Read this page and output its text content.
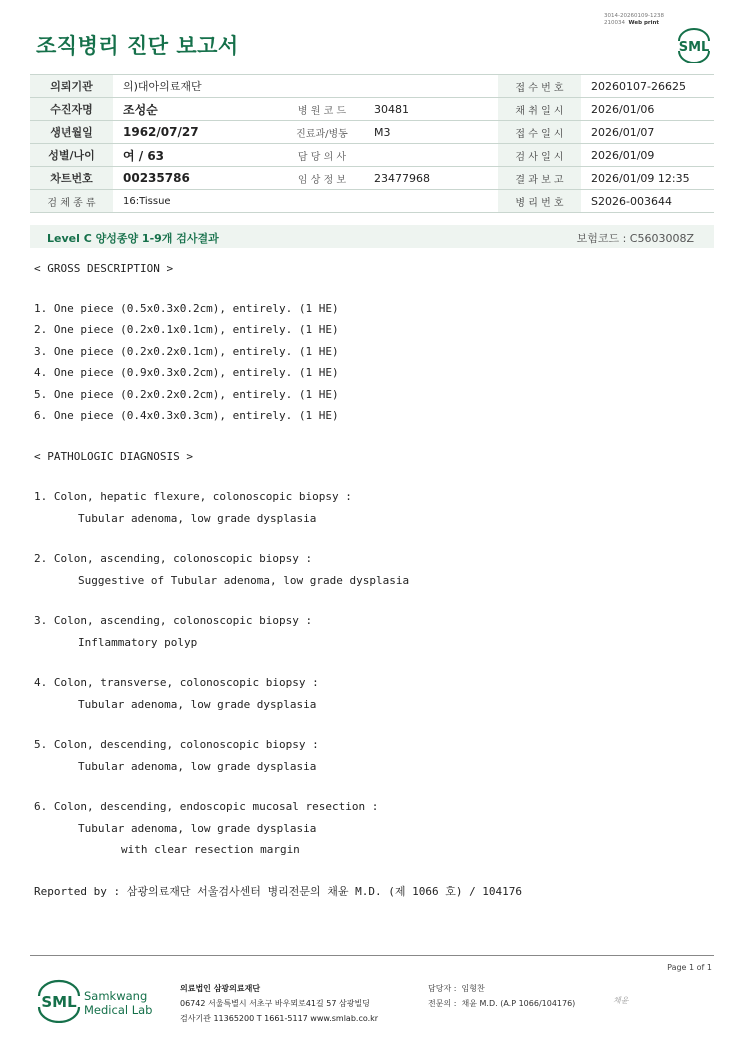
조직병리 진단 보고서
3014-20260109-1238
210034 Web print
SML
의뢰기관	의)대아의료재단			접 수 번 호	20260107-26625
수진자명	조성순	병 원 코 드	30481	채 취 일 시	2026/01/06
생년월일	1962/07/27	진료과/병동	M3	접 수 일 시	2026/01/07
성별/나이	여 / 63	담 당 의 사		검 사 일 시	2026/01/09
차트번호	00235786	임 상 정 보	23477968	결 과 보 고	2026/01/09 12:35
검 체 종 류	16:Tissue			병 리 번 호	S2026-003644
Level C 양성종양 1-9개 검사결과	보험코드 : C5603008Z
< GROSS DESCRIPTION >
1. One piece (0.5x0.3x0.2cm), entirely. (1 HE)
2. One piece (0.2x0.1x0.1cm), entirely. (1 HE)
3. One piece (0.2x0.2x0.1cm), entirely. (1 HE)
4. One piece (0.9x0.3x0.2cm), entirely. (1 HE)
5. One piece (0.2x0.2x0.2cm), entirely. (1 HE)
6. One piece (0.4x0.3x0.3cm), entirely. (1 HE)
< PATHOLOGIC DIAGNOSIS >
1. Colon, hepatic flexure, colonoscopic biopsy :
Tubular adenoma, low grade dysplasia
2. Colon, ascending, colonoscopic biopsy :
Suggestive of Tubular adenoma, low grade dysplasia
3. Colon, ascending, colonoscopic biopsy :
Inflammatory polyp
4. Colon, transverse, colonoscopic biopsy :
Tubular adenoma, low grade dysplasia
5. Colon, descending, colonoscopic biopsy :
Tubular adenoma, low grade dysplasia
6. Colon, descending, endoscopic mucosal resection :
Tubular adenoma, low grade dysplasia
with clear resection margin
Reported by : 삼광의료재단 서울검사센터 병리전문의 채윤 M.D. (제 1066 호) / 104176
Page 1 of 1
SML Samkwang
Medical Lab
의료법인 삼광의료재단
06742 서울특별시 서초구 바우뫼로41길 57 삼광빌딩
검사기관 11365200 T 1661-5117 www.smlab.co.kr
담당자 : 임형찬
전문의 : 채윤 M.D. (A.P 1066/104176)	채윤
